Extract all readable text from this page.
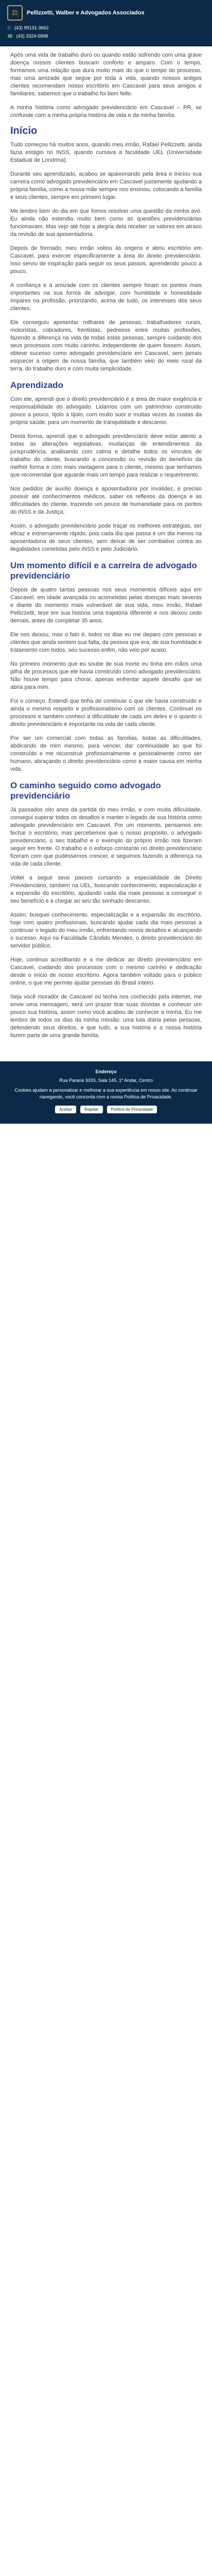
⚖	Pellizzetti, Walber e Advogados Associados
✆ (43) 99131-3662
☎ (43) 3324-5898

Após uma vida de trabalho duro ou quando estão sofrendo com uma grave doença nossos clientes buscam conforto e amparo. Com o tempo, formamos uma relação que dura muito mais do que o tempo do processo, mas uma amizade que segue por toda a vida, quando nossos antigos clientes recomendam nosso escritório em Cascavel para seus amigos e familiares, sabemos que o trabalho foi bem feito.

A minha história como advogado previdenciário em Cascavel – PR, se confunde com a minha própria história de vida e da minha família.

Início

Tudo começou há muitos anos, quando meu irmão, Rafael Pellizzetti, ainda fazia estágio no INSS, quando cursava a faculdade UEL (Universidade Estadual de Londrina).

Durante seu aprendizado, acabou se apaixonando pela área e iniciou sua carreira como advogado previdenciário em Cascavel justamente ajudando a própria família, como a nossa mãe sempre nos ensinou, colocando a família e seus clientes, sempre em primeiro lugar.

Me lembro bem do dia em que fomos resolver uma questão da minha avó. Eu ainda não estendia muito bem como as questões previdenciárias funcionavam. Mas vejo até hoje a alegria dela receber os valores em atraso da revisão de sua aposentadoria.

Depois de formado, meu irmão voltou às origens e abriu escritório em Cascavel, para exercer especificamente a área do direito previdenciário. Isso serviu de inspiração para seguir os seus passos, aprendendo pouco a pouco.

A confiança e a amizade com os clientes sempre foram os pontos mais importantes na sua forma de advogar, com humildade e honestidade ímpares na profissão, priorizando, acima de tudo, os interesses dos seus clientes.

Ele conseguiu aposentar milhares de pessoas, trabalhadores rurais, motoristas, cobradores, frentistas, pedreiros entre muitas profissões, fazendo a diferença na vida de todas estas pessoas, sempre cuidando dos seus processos com muito carinho, independente de quem fossem. Assim, obteve sucesso como advogado previdenciário em Cascavel, sem jamais esquecer a origem de nossa família, que também veio do meio rural da terra, do trabalho duro e com muita simplicidade.

Aprendizado

Com ele, aprendi que o direito previdenciário é a área de maior exigência e responsabilidade do advogado. Lidamos com um patrimônio construído pouco a pouco, tijolo a tijolo, com muito suor e muitas vezes às custas da própria saúde, para um momento de tranquilidade e descanso.

Desta forma, aprendi que o advogado previdenciário deve estar atento a todas as alterações legislativas, mudanças de entendimentos da jurisprudência, analisando com calma e detalhe todos os vínculos de trabalho do cliente, buscando a concessão ou revisão do benefício da melhor forma e com mais vantagens para o cliente, mesmo que tenhamos que recomendar que aguarde mais um tempo para realizar o requerimento.

Nos pedidos de auxílio doença e aposentadoria por invalidez, é preciso possuir até conhecimentos médicos, saber os reflexos da doença e as dificuldades do cliente, trazendo um pouco de humanidade para os peritos do INSS e da Justiça.

Assim, o advogado previdenciário pode traçar os melhores estratégias, ser eficaz e extremamente rápido, pois cada dia que passa é um dia menos na aposentadoria de seus clientes, sem deixar de ser combativo contra as ilegalidades cometidas pelo INSS e pelo Judiciário.

Um momento difícil e a carreira de advogado previdenciário

Depois de quatro tantas pessoas nos seus momentos difíceis aqui em Cascavel, em idade avançada ou acometidas pelas doenças mais severas e diante do momento mais vulnerável de sua vida, meu irmão, Rafael Pellizzetti, teve em sua história uma trajetória diferente e nos deixou cedo demais, antes de completar 35 anos.

Ele nos deixou, mas o fato é, todos os dias eu me deparo com pessoas e clientes que ainda sentem sua falta, da pessoa que era, de sua humildade e tratamento com todos, seu sucesso enfim, não veio por acaso.

No primeiro momento que eu soube de sua morte eu tinha em mãos uma pilha de processos que ele havia construído como advogado previdenciário. Não houve tempo para chorar, apenas enfrentar aquele desafio que se abria para mim.

Foi o começo. Entendi que tinha de continuar o que ele havia construído e ainda o mesmo respeito e profissionalismo com os clientes. Continuei os processos e também conheci a dificuldade de cada um deles e o quanto o direito previdenciário é importante na vida de cada cliente.

Por ser um comercial com todas as famílias, todas as dificuldades, abdicando de mim mesmo, para vencer, dar continuidade ao que foi construído e me reconstruir profissionalmente e pessoalmente como ser humano, abraçando o direito previdenciário como a maior causa em minha vida.

O caminho seguido como advogado previdenciário

Já passados oito anos da partida do meu irmão, e com muita dificuldade, consegui superar todos os desafios e manter o legado de sua história como advogado previdenciário em Cascavel. Por um momento, pensamos em fechar o escritório, mas percebemos que o nosso propósito, o advogado previdenciário, o seu trabalho e o exemplo do próprio irmão nos fizeram seguir em frente. O trabalho e o esforço constante no direito previdenciário fizeram com que pudéssemos crescer, e seguimos fazendo a diferença na vida de cada cliente.

Voltei a seguir seus passos cursando a especialidade de Direito Previdenciário, também na UEL, buscando conhecimento, especialização e a expansão do escritório, ajudando cada dia mais pessoas a conseguir o seu benefício e a chegar ao seu tão sonhado descanso.

Assim, busquei conhecimento, especialização e a expansão do escritório, hoje com quatro profissionais, buscando ajudar cada dia mais pessoas a continuar o legado do meu irmão, enfrentando novos desafios e alcançando o sucesso. Aqui na Faculdade Cândido Mendes, o direito previdenciário do servidor público.

Hoje, continuo acreditando e a me dedicar ao direito previdenciário em Cascavel, cuidando dos processos com o mesmo carinho e dedicação desde o início de nosso escritório. Agora também voltado para o público online, o que me permite ajudar pessoas do Brasil inteiro.

Seja você morador de Cascavel ou tenha nos conhecido pela internet, me envie uma mensagem, será um prazer tirar suas dúvidas e conhecer um pouco sua história, assim como você acabou de conhecer a minha. Eu me lembro de todos os dias da minha missão: uma luta diária pelas pessoas, defendendo seus direitos, e que tudo, a sua história e a nossa história fazem parte de uma grande família.

Endereço
Rua Paraná 3033, Sala 145, 1º Andar, Centro
Cookies ajudam a personalizar e melhorar a sua experiência em nosso site. Ao continuar navegando, você concorda com a nossa Política de Privacidade.
Aceitar	Rejeitar	Política de Privacidade
